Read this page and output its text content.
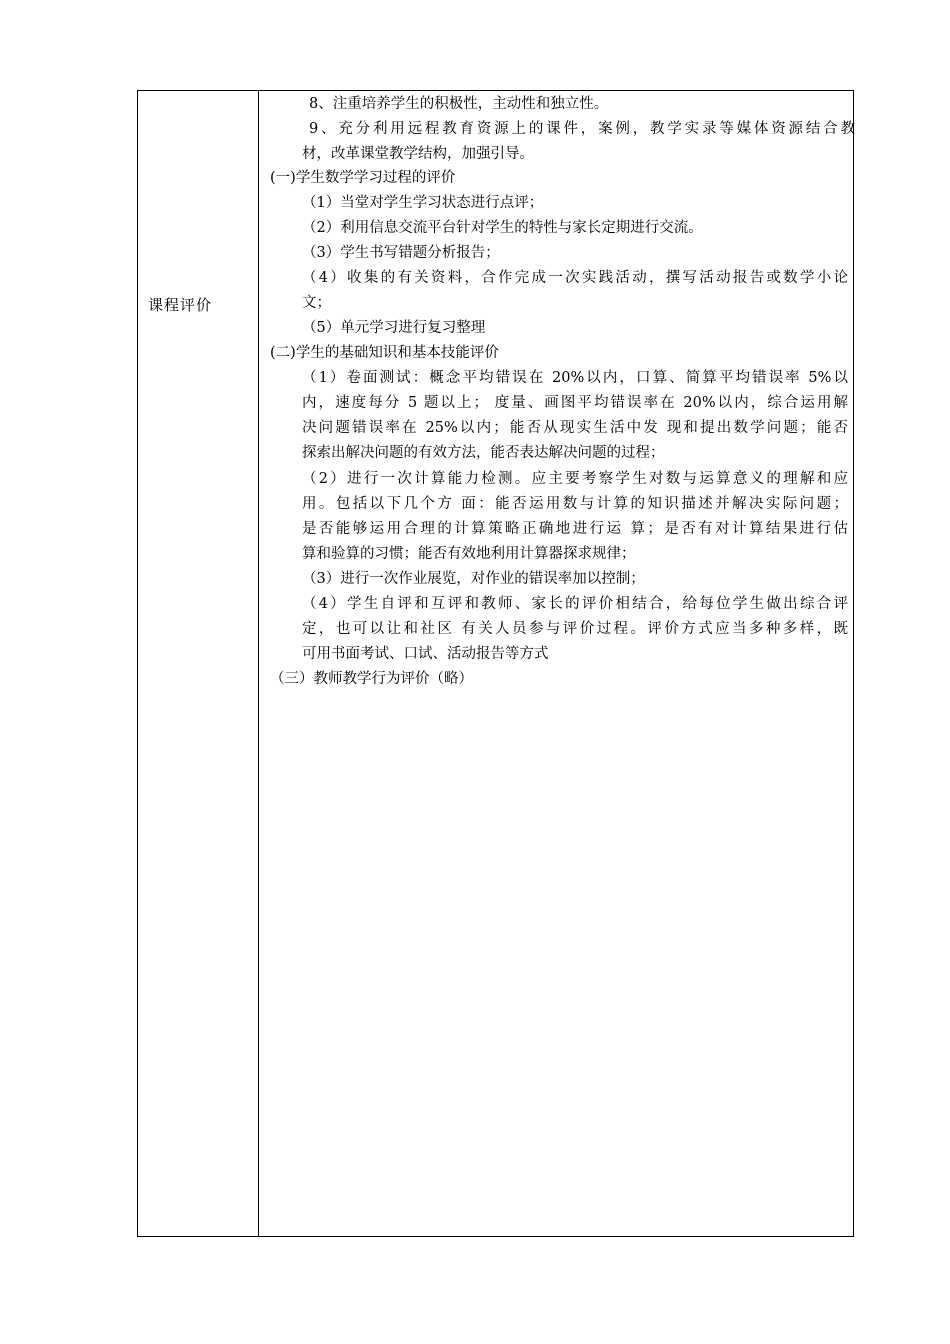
课程评价
8、注重培养学生的积极性，主动性和独立性。
9、充分利用远程教育资源上的课件，案例，教学实录等媒体资源结合教
材，改革课堂教学结构，加强引导。
(一)学生数学学习过程的评价
（1）当堂对学生学习状态进行点评；
（2）利用信息交流平台针对学生的特性与家长定期进行交流。
（3）学生书写错题分析报告；
（4）收集的有关资料，合作完成一次实践活动，撰写活动报告或数学小论
文；
（5）单元学习进行复习整理
(二)学生的基础知识和基本技能评价
（1）卷面测试：概念平均错误在 20%以内，口算、简算平均错误率 5%以
内，速度每分 5 题以上； 度量、画图平均错误率在 20%以内，综合运用解
决问题错误率在 25%以内；能否从现实生活中发 现和提出数学问题；能否
探索出解决问题的有效方法，能否表达解决问题的过程；
（2）进行一次计算能力检测。应主要考察学生对数与运算意义的理解和应
用。包括以下几个方 面：能否运用数与计算的知识描述并解决实际问题；
是否能够运用合理的计算策略正确地进行运 算；是否有对计算结果进行估
算和验算的习惯；能否有效地利用计算器探求规律；
（3）进行一次作业展览，对作业的错误率加以控制；
（4）学生自评和互评和教师、家长的评价相结合，给每位学生做出综合评
定，也可以让和社区 有关人员参与评价过程。评价方式应当多种多样，既
可用书面考试、口试、活动报告等方式
（三）教师教学行为评价（略）
